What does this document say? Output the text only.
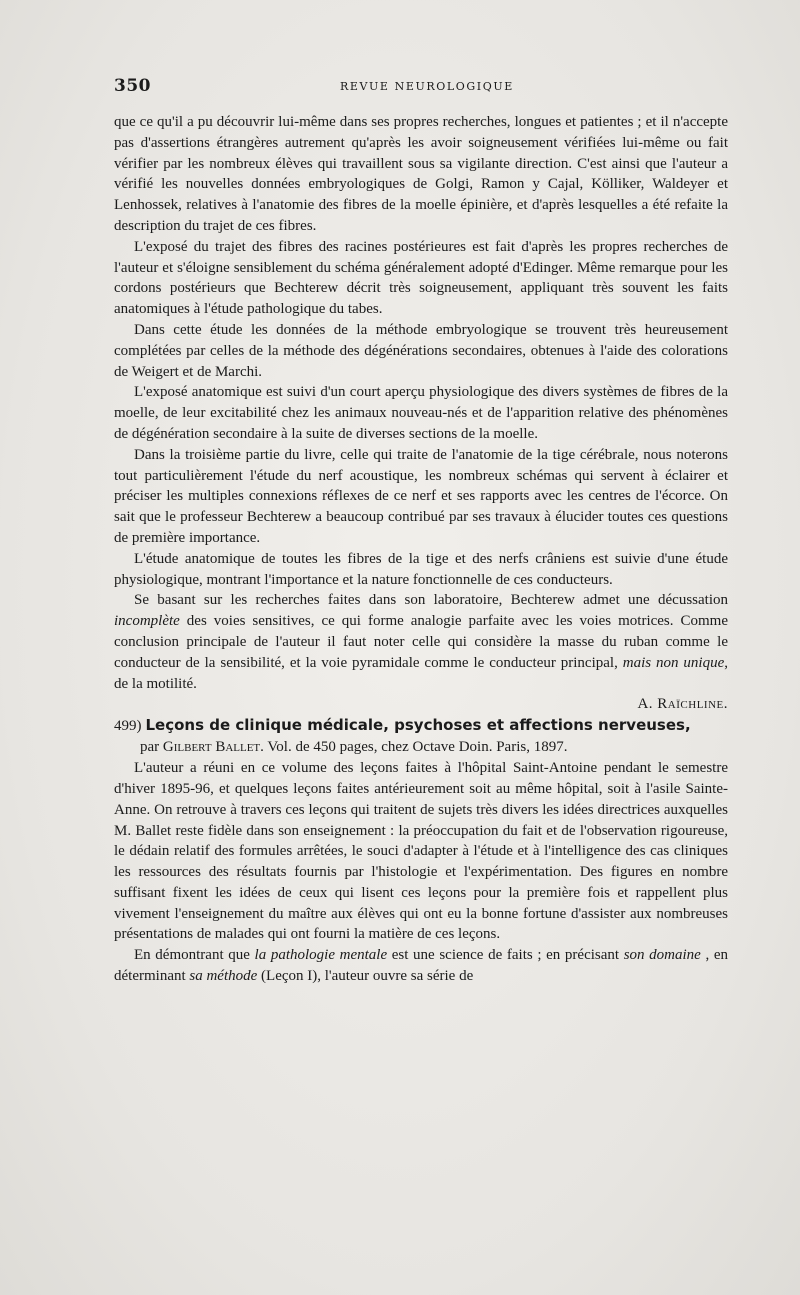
350	REVUE NEUROLOGIQUE

que ce qu'il a pu découvrir lui-même dans ses propres recherches, longues et patientes ; et il n'accepte pas d'assertions étrangères autrement qu'après les avoir soigneusement vérifiées lui-même ou fait vérifier par les nombreux élèves qui travaillent sous sa vigilante direction. C'est ainsi que l'auteur a vérifié les nouvelles données embryologiques de Golgi, Ramon y Cajal, Kölliker, Waldeyer et Lenhossek, relatives à l'anatomie des fibres de la moelle épinière, et d'après lesquelles a été refaite la description du trajet de ces fibres.

L'exposé du trajet des fibres des racines postérieures est fait d'après les propres recherches de l'auteur et s'éloigne sensiblement du schéma généralement adopté d'Edinger. Même remarque pour les cordons postérieurs que Bechterew décrit très soigneusement, appliquant très souvent les faits anatomiques à l'étude pathologique du tabes.

Dans cette étude les données de la méthode embryologique se trouvent très heureusement complétées par celles de la méthode des dégénérations secondaires, obtenues à l'aide des colorations de Weigert et de Marchi.

L'exposé anatomique est suivi d'un court aperçu physiologique des divers systèmes de fibres de la moelle, de leur excitabilité chez les animaux nouveau-nés et de l'apparition relative des phénomènes de dégénération secondaire à la suite de diverses sections de la moelle.

Dans la troisième partie du livre, celle qui traite de l'anatomie de la tige cérébrale, nous noterons tout particulièrement l'étude du nerf acoustique, les nombreux schémas qui servent à éclairer et préciser les multiples connexions réflexes de ce nerf et ses rapports avec les centres de l'écorce. On sait que le professeur Bechterew a beaucoup contribué par ses travaux à élucider toutes ces questions de première importance.

L'étude anatomique de toutes les fibres de la tige et des nerfs crâniens est suivie d'une étude physiologique, montrant l'importance et la nature fonctionnelle de ces conducteurs.

Se basant sur les recherches faites dans son laboratoire, Bechterew admet une décussation incomplète des voies sensitives, ce qui forme analogie parfaite avec les voies motrices. Comme conclusion principale de l'auteur il faut noter celle qui considère la masse du ruban comme le conducteur de la sensibilité, et la voie pyramidale comme le conducteur principal, mais non unique, de la motilité.

A. Raïchline.

499) Leçons de clinique médicale, psychoses et affections nerveuses,
par Gilbert Ballet. Vol. de 450 pages, chez Octave Doin. Paris, 1897.

L'auteur a réuni en ce volume des leçons faites à l'hôpital Saint-Antoine pendant le semestre d'hiver 1895-96, et quelques leçons faites antérieurement soit au même hôpital, soit à l'asile Sainte-Anne. On retrouve à travers ces leçons qui traitent de sujets très divers les idées directrices auxquelles M. Ballet reste fidèle dans son enseignement : la préoccupation du fait et de l'observation rigoureuse, le dédain relatif des formules arrêtées, le souci d'adapter à l'étude et à l'intelligence des cas cliniques les ressources des résultats fournis par l'histologie et l'expérimentation. Des figures en nombre suffisant fixent les idées de ceux qui lisent ces leçons pour la première fois et rappellent plus vivement l'enseignement du maître aux élèves qui ont eu la bonne fortune d'assister aux nombreuses présentations de malades qui ont fourni la matière de ces leçons.

En démontrant que la pathologie mentale est une science de faits ; en précisant son domaine , en déterminant sa méthode (Leçon I), l'auteur ouvre sa série de
